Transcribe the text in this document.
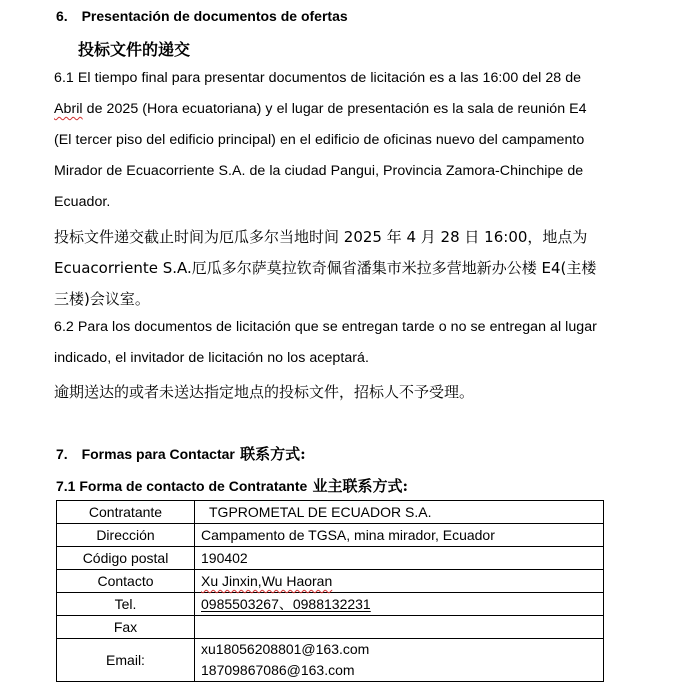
6. Presentación de documentos de ofertas
投标文件的递交
6.1 El tiempo final para presentar documentos de licitación es a las 16:00 del 28 de
Abril de 2025 (Hora ecuatoriana) y el lugar de presentación es la sala de reunión E4
(El tercer piso del edificio principal) en el edificio de oficinas nuevo del campamento
Mirador de Ecuacorriente S.A. de la ciudad Pangui, Provincia Zamora-Chinchipe de
Ecuador.
投标文件递交截止时间为厄瓜多尔当地时间 2025 年 4 月 28 日 16:00，地点为
Ecuacorriente S.A.厄瓜多尔萨莫拉钦奇佩省潘集市米拉多营地新办公楼 E4(主楼
三楼)会议室。
6.2 Para los documentos de licitación que se entregan tarde o no se entregan al lugar
indicado, el invitador de licitación no los aceptará.
逾期送达的或者未送达指定地点的投标文件，招标人不予受理。
7. Formas para Contactar 联系方式:
7.1 Forma de contacto de Contratante 业主联系方式:
Contratante	TGPROMETAL DE ECUADOR S.A.
Dirección	Campamento de TGSA, mina mirador, Ecuador
Código postal	190402
Contacto	Xu Jinxin,Wu Haoran
Tel.	0985503267、0988132231
Fax	
Email:	xu18056208801@163.com
18709867086@163.com
